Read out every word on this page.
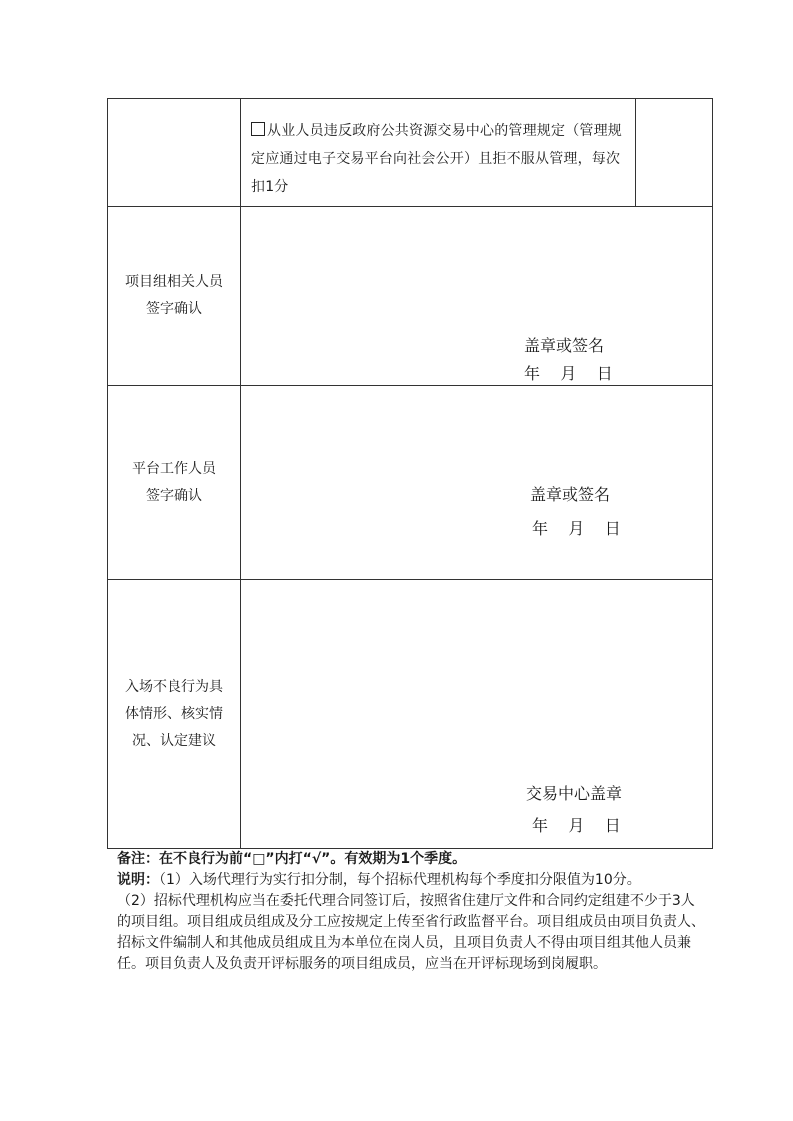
	从业人员违反政府公共资源交易中心的管理规定（管理规定应通过电子交易平台向社会公开）且拒不服从管理，每次扣1分

项目组相关人员
签字确认	盖章或签名
年    月    日

平台工作人员
签字确认	盖章或签名
年    月    日

入场不良行为具
体情形、核实情
况、认定建议	交易中心盖章
年    月    日

备注：在不良行为前“□”内打“√”。有效期为1个季度。

说明：（1）入场代理行为实行扣分制，每个招标代理机构每个季度扣分限值为10分。

（2）招标代理机构应当在委托代理合同签订后，按照省住建厅文件和合同约定组建不少于3人的项目组。项目组成员组成及分工应按规定上传至省行政监督平台。项目组成员由项目负责人、招标文件编制人和其他成员组成且为本单位在岗人员，且项目负责人不得由项目组其他人员兼任。项目负责人及负责开评标服务的项目组成员，应当在开评标现场到岗履职。
